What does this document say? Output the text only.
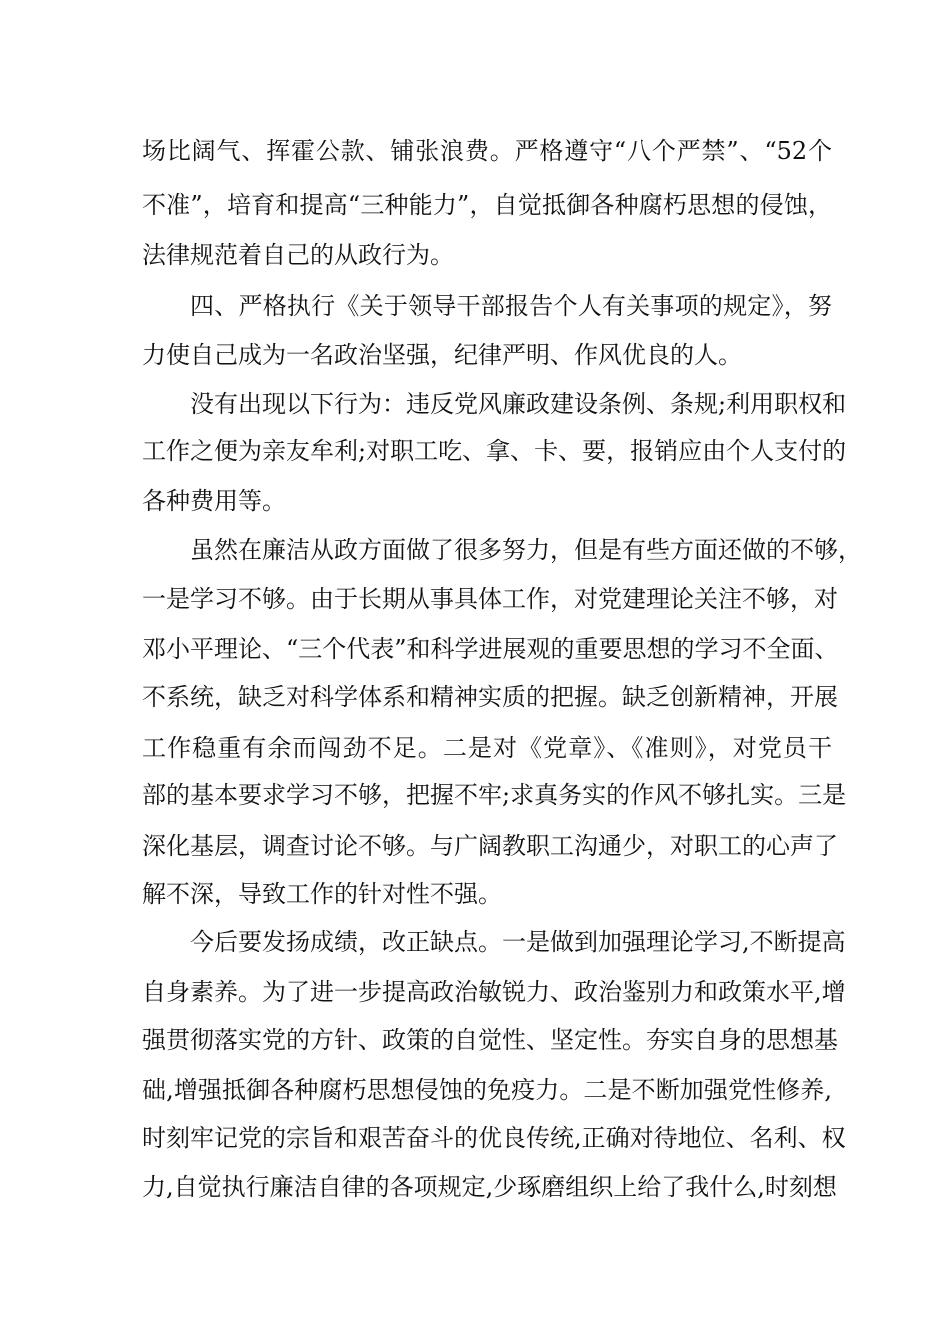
场比阔气、挥霍公款、铺张浪费。严格遵守“八个严禁”、“52个
不准”，培育和提高“三种能力”，自觉抵御各种腐朽思想的侵蚀，
法律规范着自己的从政行为。
四、严格执行《关于领导干部报告个人有关事项的规定》，努
力使自己成为一名政治坚强，纪律严明、作风优良的人。
没有出现以下行为：违反党风廉政建设条例、条规;利用职权和
工作之便为亲友牟利;对职工吃、拿、卡、要，报销应由个人支付的
各种费用等。
虽然在廉洁从政方面做了很多努力，但是有些方面还做的不够，
一是学习不够。由于长期从事具体工作，对党建理论关注不够，对
邓小平理论、“三个代表”和科学进展观的重要思想的学习不全面、
不系统，缺乏对科学体系和精神实质的把握。缺乏创新精神，开展
工作稳重有余而闯劲不足。二是对《党章》、《准则》，对党员干
部的基本要求学习不够，把握不牢;求真务实的作风不够扎实。三是
深化基层，调查讨论不够。与广阔教职工沟通少，对职工的心声了
解不深，导致工作的针对性不强。
今后要发扬成绩，改正缺点。一是做到加强理论学习,不断提高
自身素养。为了进一步提高政治敏锐力、政治鉴别力和政策水平,增
强贯彻落实党的方针、政策的自觉性、坚定性。夯实自身的思想基
础,增强抵御各种腐朽思想侵蚀的免疫力。二是不断加强党性修养,
时刻牢记党的宗旨和艰苦奋斗的优良传统,正确对待地位、名利、权
力,自觉执行廉洁自律的各项规定,少琢磨组织上给了我什么,时刻想
